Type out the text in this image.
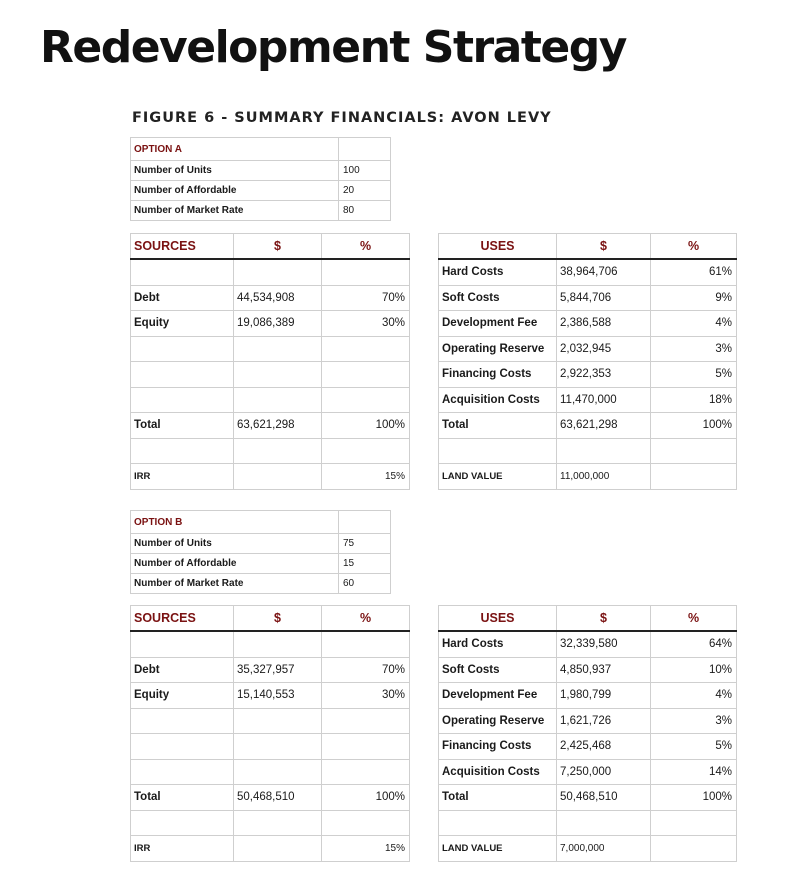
Redevelopment Strategy
FIGURE 6 - SUMMARY FINANCIALS: AVON LEVY
OPTION A	
Number of Units	100
Number of Affordable	20
Number of Market Rate	80
SOURCES	$	%		USES	$	%
				Hard Costs	38,964,706	61%
Debt	44,534,908	70%		Soft Costs	5,844,706	9%
Equity	19,086,389	30%		Development Fee	2,386,588	4%
				Operating Reserve	2,032,945	3%
				Financing Costs	2,922,353	5%
				Acquisition Costs	11,470,000	18%
Total	63,621,298	100%		Total	63,621,298	100%

IRR		15%		LAND VALUE	11,000,000	
OPTION B	
Number of Units	75
Number of Affordable	15
Number of Market Rate	60
SOURCES	$	%		USES	$	%
				Hard Costs	32,339,580	64%
Debt	35,327,957	70%		Soft Costs	4,850,937	10%
Equity	15,140,553	30%		Development Fee	1,980,799	4%
				Operating Reserve	1,621,726	3%
				Financing Costs	2,425,468	5%
				Acquisition Costs	7,250,000	14%
Total	50,468,510	100%		Total	50,468,510	100%

IRR		15%		LAND VALUE	7,000,000	
